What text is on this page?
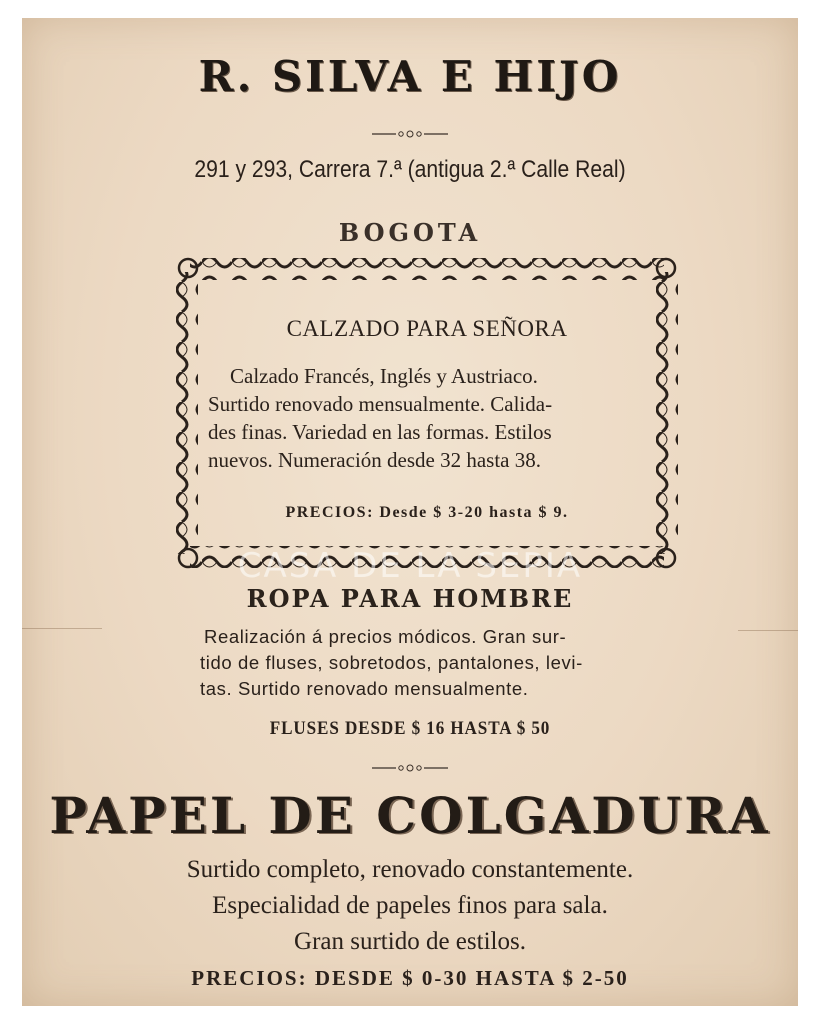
R. SILVA E HIJO
291 y 293, Carrera 7.ª (antigua 2.ª Calle Real)
BOGOTA
CALZADO PARA SEÑORA
Calzado Francés, Inglés y Austriaco.
Surtido renovado mensualmente. Calida-
des finas. Variedad en las formas. Estilos
nuevos. Numeración desde 32 hasta 38.
PRECIOS: Desde $ 3-20 hasta $ 9.
CASA DE LA SEPIA
ROPA PARA HOMBRE
Realización á precios módicos. Gran sur-
tido de fluses, sobretodos, pantalones, levi-
tas. Surtido renovado mensualmente.
FLUSES DESDE $ 16 HASTA $ 50
PAPEL DE COLGADURA
Surtido completo, renovado constantemente.
Especialidad de papeles finos para sala.
Gran surtido de estilos.
PRECIOS: DESDE $ 0-30 HASTA $ 2-50
